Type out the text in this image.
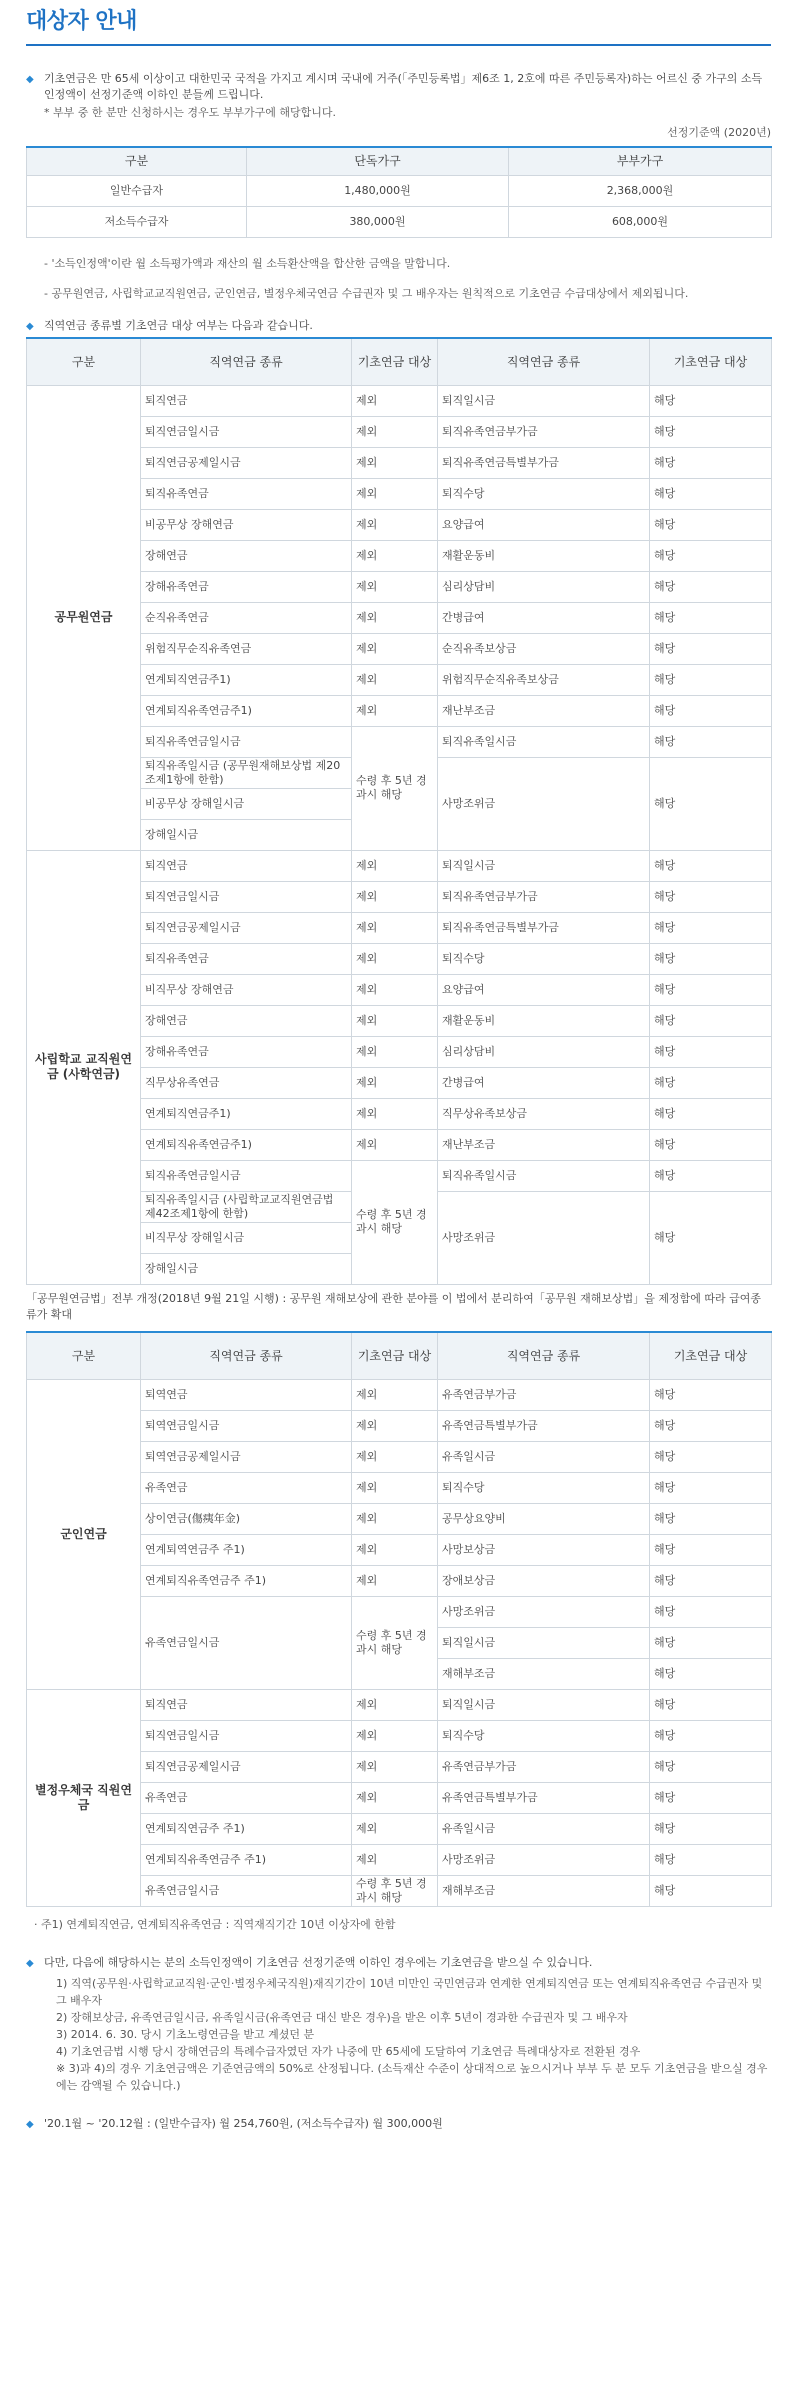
대상자 안내
◆ 기초연금은 만 65세 이상이고 대한민국 국적을 가지고 계시며 국내에 거주(「주민등록법」제6조 1, 2호에 따른 주민등록자)하는 어르신 중 가구의 소득인정액이 선정기준액 이하인 분들께 드립니다.
* 부부 중 한 분만 신청하시는 경우도 부부가구에 해당합니다.
선정기준액 (2020년)
구분	단독가구	부부가구
일반수급자	1,480,000원	2,368,000원
저소득수급자	380,000원	608,000원
- '소득인정액'이란 월 소득평가액과 재산의 월 소득환산액을 합산한 금액을 말합니다.
- 공무원연금, 사립학교교직원연금, 군인연금, 별정우체국연금 수급권자 및 그 배우자는 원칙적으로 기초연금 수급대상에서 제외됩니다.
◆ 직역연금 종류별 기초연금 대상 여부는 다음과 같습니다.
구분	직역연금 종류	기초연금 대상	직역연금 종류	기초연금 대상
공무원연금	퇴직연금	제외	퇴직일시금	해당
	퇴직연금일시금	제외	퇴직유족연금부가금	해당
	퇴직연금공제일시금	제외	퇴직유족연금특별부가금	해당
	퇴직유족연금	제외	퇴직수당	해당
	비공무상 장해연금	제외	요양급여	해당
	장해연금	제외	재활운동비	해당
	장해유족연금	제외	심리상담비	해당
	순직유족연금	제외	간병급여	해당
	위험직무순직유족연금	제외	순직유족보상금	해당
	연계퇴직연금주1)	제외	위험직무순직유족보상금	해당
	연계퇴직유족연금주1)	제외	재난부조금	해당
	퇴직유족연금일시금	수령 후 5년 경과시 해당	퇴직유족일시금	해당
	퇴직유족일시금 (공무원재해보상법 제20조제1항에 한함)		사망조위금	해당
	비공무상 장해일시금			
	장해일시금			
사립학교 교직원연금 (사학연금)	퇴직연금	제외	퇴직일시금	해당
	퇴직연금일시금	제외	퇴직유족연금부가금	해당
	퇴직연금공제일시금	제외	퇴직유족연금특별부가금	해당
	퇴직유족연금	제외	퇴직수당	해당
	비직무상 장해연금	제외	요양급여	해당
	장해연금	제외	재활운동비	해당
	장해유족연금	제외	심리상담비	해당
	직무상유족연금	제외	간병급여	해당
	연계퇴직연금주1)	제외	직무상유족보상금	해당
	연계퇴직유족연금주1)	제외	재난부조금	해당
	퇴직유족연금일시금	수령 후 5년 경과시 해당	퇴직유족일시금	해당
	퇴직유족일시금 (사립학교교직원연금법 제42조제1항에 한함)		사망조위금	해당
	비직무상 장해일시금			
	장해일시금			
「공무원연금법」전부 개정(2018년 9월 21일 시행) : 공무원 재해보상에 관한 분야를 이 법에서 분리하여「공무원 재해보상법」을 제정함에 따라 급여종류가 확대
구분	직역연금 종류	기초연금 대상	직역연금 종류	기초연금 대상
군인연금	퇴역연금	제외	유족연금부가금	해당
	퇴역연금일시금	제외	유족연금특별부가금	해당
	퇴역연금공제일시금	제외	유족일시금	해당
	유족연금	제외	퇴직수당	해당
	상이연금(傷痍年金)	제외	공무상요양비	해당
	연계퇴역연금주 주1)	제외	사망보상금	해당
	연계퇴직유족연금주 주1)	제외	장애보상금	해당
	유족연금일시금	수령 후 5년 경과시 해당	사망조위금	해당
			퇴직일시금	해당
			재해부조금	해당
별정우체국 직원연금	퇴직연금	제외	퇴직일시금	해당
	퇴직연금일시금	제외	퇴직수당	해당
	퇴직연금공제일시금	제외	유족연금부가금	해당
	유족연금	제외	유족연금특별부가금	해당
	연계퇴직연금주 주1)	제외	유족일시금	해당
	연계퇴직유족연금주 주1)	제외	사망조위금	해당
	유족연금일시금	수령 후 5년 경과시 해당	재해부조금	해당
· 주1) 연계퇴직연금, 연계퇴직유족연금 : 직역재직기간 10년 이상자에 한함
◆ 다만, 다음에 해당하시는 분의 소득인정액이 기초연금 선정기준액 이하인 경우에는 기초연금을 받으실 수 있습니다.
1) 직역(공무원·사립학교교직원·군인·별정우체국직원)재직기간이 10년 미만인 국민연금과 연계한 연계퇴직연금 또는 연계퇴직유족연금 수급권자 및 그 배우자
2) 장해보상금, 유족연금일시금, 유족일시금(유족연금 대신 받은 경우)을 받은 이후 5년이 경과한 수급권자 및 그 배우자
3) 2014. 6. 30. 당시 기초노령연금을 받고 계셨던 분
4) 기초연금법 시행 당시 장해연금의 특례수급자였던 자가 나중에 만 65세에 도달하여 기초연금 특례대상자로 전환된 경우
※ 3)과 4)의 경우 기초연금액은 기준연금액의 50%로 산정됩니다. (소득재산 수준이 상대적으로 높으시거나 부부 두 분 모두 기초연금을 받으실 경우에는 감액될 수 있습니다.)
◆ '20.1월 ~ '20.12월 : (일반수급자) 월 254,760원, (저소득수급자) 월 300,000원
